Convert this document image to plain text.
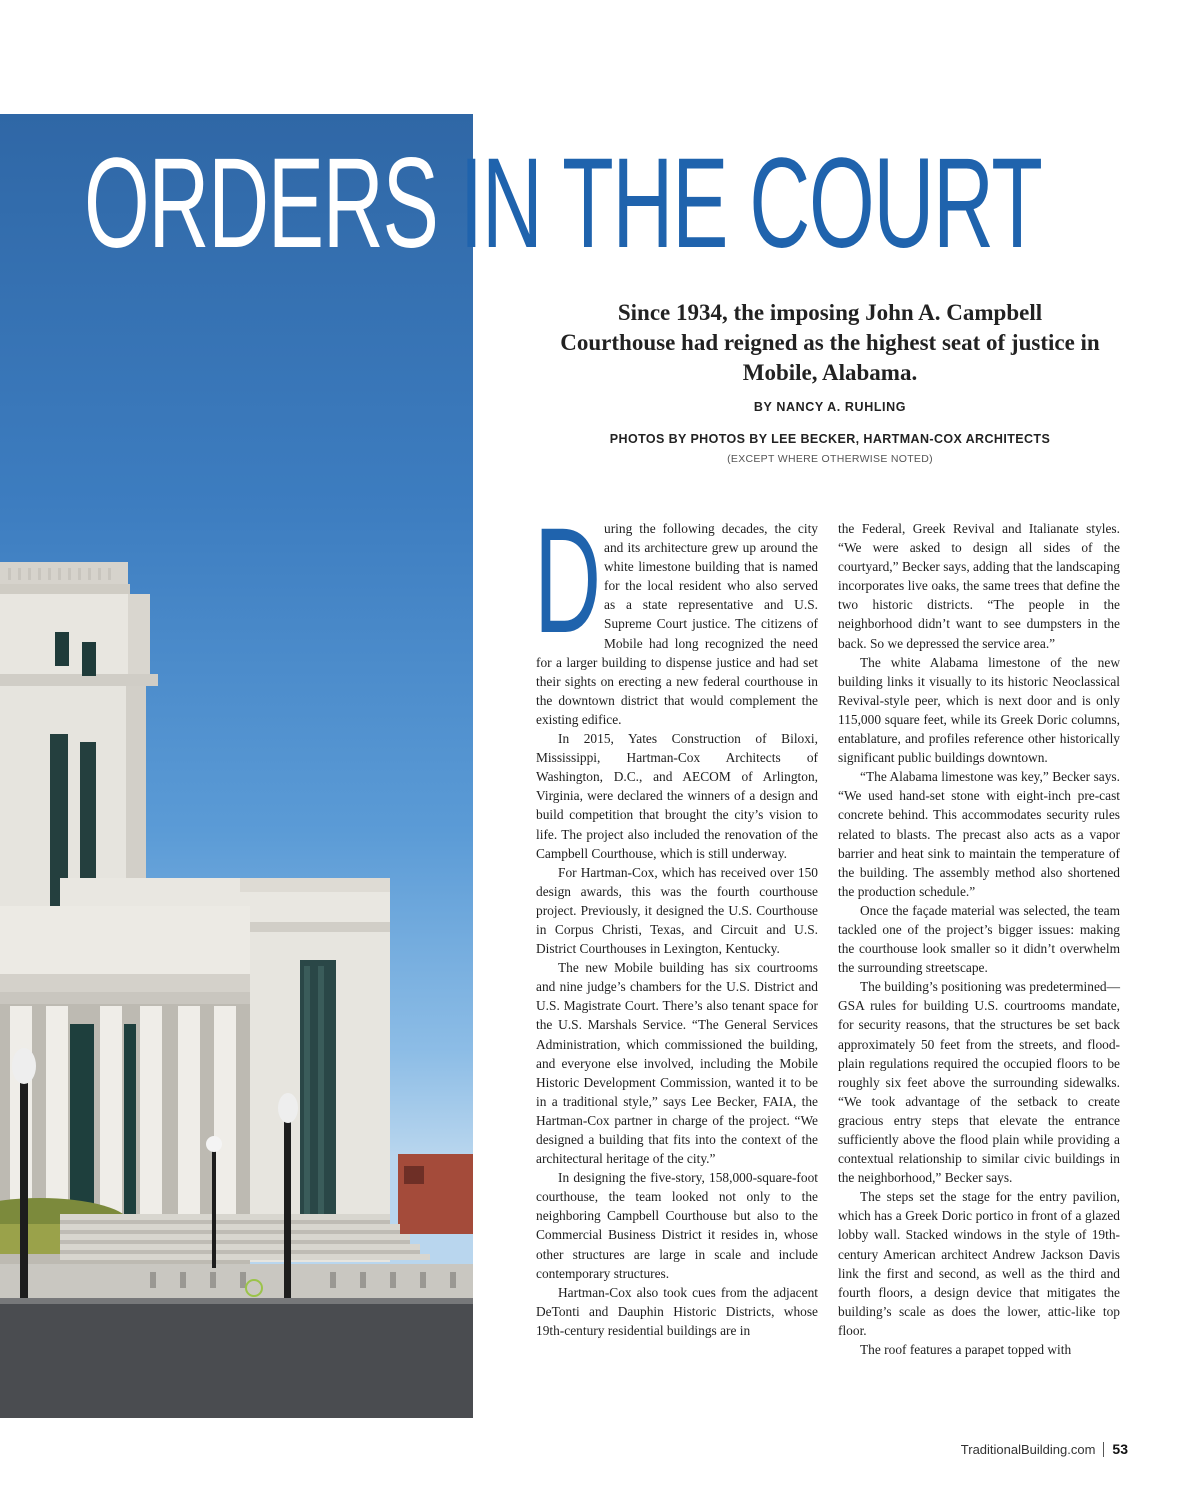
ORDERS IN THE COURT
Since 1934, the imposing John A. Campbell Courthouse had reigned as the highest seat of justice in Mobile, Alabama.
BY NANCY A. RUHLING
PHOTOS BY PHOTOS BY LEE BECKER, HARTMAN-COX ARCHITECTS
(EXCEPT WHERE OTHERWISE NOTED)

During the following decades, the city and its architecture grew up around the white limestone building that is named for the local resident who also served as a state representative and U.S. Supreme Court justice. The citizens of Mobile had long recognized the need for a larger building to dispense justice and had set their sights on erecting a new federal courthouse in the downtown district that would complement the existing edifice.

In 2015, Yates Construction of Biloxi, Mississippi, Hartman-Cox Architects of Washington, D.C., and AECOM of Arlington, Virginia, were declared the winners of a design and build competition that brought the city’s vision to life. The project also included the renovation of the Campbell Courthouse, which is still underway.

For Hartman-Cox, which has received over 150 design awards, this was the fourth courthouse project. Previously, it designed the U.S. Courthouse in Corpus Christi, Texas, and Circuit and U.S. District Courthouses in Lexington, Kentucky.

The new Mobile building has six courtrooms and nine judge’s chambers for the U.S. District and U.S. Magistrate Court. There’s also tenant space for the U.S. Marshals Service. “The General Services Administration, which commissioned the building, and everyone else involved, including the Mobile Historic Development Commission, wanted it to be in a traditional style,” says Lee Becker, FAIA, the Hartman-Cox partner in charge of the project. “We designed a building that fits into the context of the architectural heritage of the city.”

In designing the five-story, 158,000-square-foot courthouse, the team looked not only to the neighboring Campbell Courthouse but also to the Commercial Business District it resides in, whose other structures are large in scale and include contemporary structures.

Hartman-Cox also took cues from the adjacent DeTonti and Dauphin Historic Districts, whose 19th-century residential buildings are in

the Federal, Greek Revival and Italianate styles. “We were asked to design all sides of the courtyard,” Becker says, adding that the landscaping incorporates live oaks, the same trees that define the two historic districts. “The people in the neighborhood didn’t want to see dumpsters in the back. So we depressed the service area.”

The white Alabama limestone of the new building links it visually to its historic Neoclassical Revival-style peer, which is next door and is only 115,000 square feet, while its Greek Doric columns, entablature, and profiles reference other historically significant public buildings downtown.

“The Alabama limestone was key,” Becker says. “We used hand-set stone with eight-inch pre-cast concrete behind. This accommodates security rules related to blasts. The precast also acts as a vapor barrier and heat sink to maintain the temperature of the building. The assembly method also shortened the production schedule.”

Once the façade material was selected, the team tackled one of the project’s bigger issues: making the courthouse look smaller so it didn’t overwhelm the surrounding streetscape.

The building’s positioning was predetermined—GSA rules for building U.S. courtrooms mandate, for security reasons, that the structures be set back approximately 50 feet from the streets, and flood-plain regulations required the occupied floors to be roughly six feet above the surrounding sidewalks. “We took advantage of the setback to create gracious entry steps that elevate the entrance sufficiently above the flood plain while providing a contextual relationship to similar civic buildings in the neighborhood,” Becker says.

The steps set the stage for the entry pavilion, which has a Greek Doric portico in front of a glazed lobby wall. Stacked windows in the style of 19th-century American architect Andrew Jackson Davis link the first and second, as well as the third and fourth floors, a design device that mitigates the building’s scale as does the lower, attic-like top floor.

The roof features a parapet topped with

TraditionalBuilding.com 53
